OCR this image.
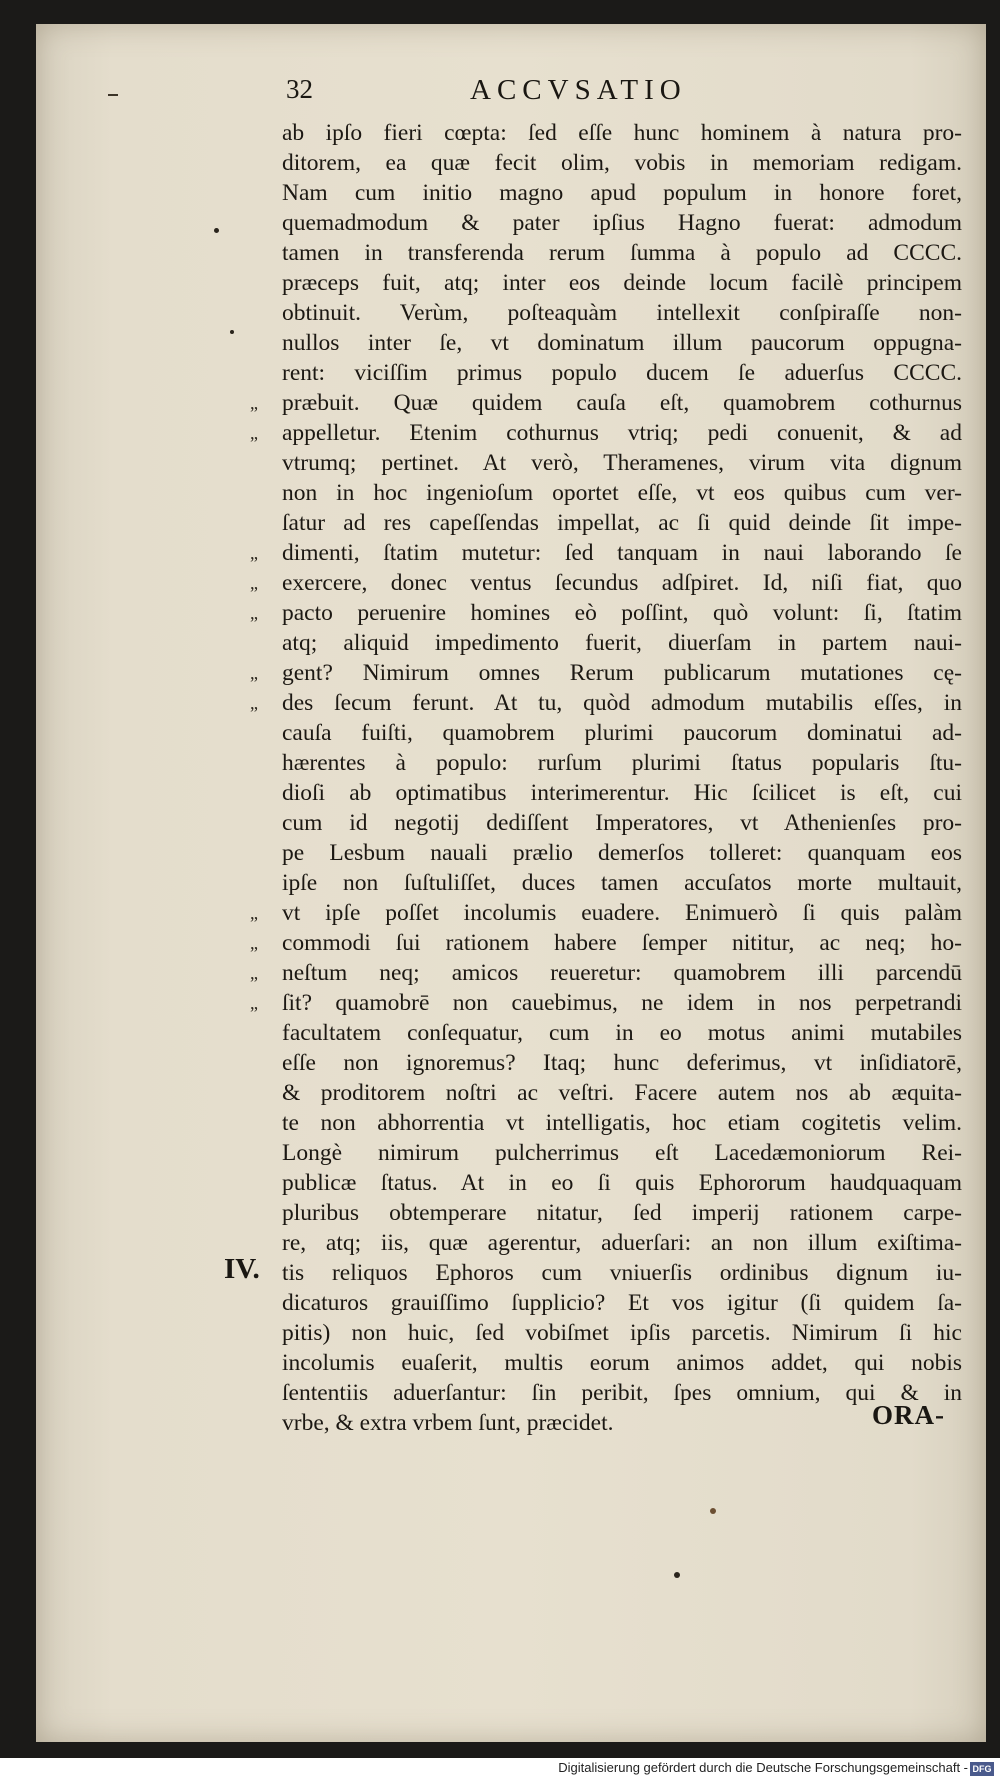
32	ACCVSATIO
ab ipſo fieri cœpta: ſed eſſe hunc hominem à natura pro-
ditorem, ea quæ fecit olim, vobis in memoriam redigam.
Nam cum initio magno apud populum in honore foret,
quemadmodum & pater ipſius Hagno fuerat: admodum
tamen in transferenda rerum ſumma à populo ad CCCC.
præceps fuit, atq; inter eos deinde locum facilè principem
obtinuit. Verùm, poſteaquàm intellexit conſpiraſſe non-
nullos inter ſe, vt dominatum illum paucorum oppugna-
rent: viciſſim primus populo ducem ſe aduerſus CCCC.
præbuit. Quæ quidem cauſa eſt, quamobrem cothurnus
appelletur. Etenim cothurnus vtriq; pedi conuenit, & ad
vtrumq; pertinet. At verò, Theramenes, virum vita dignum
non in hoc ingenioſum oportet eſſe, vt eos quibus cum ver-
ſatur ad res capeſſendas impellat, ac ſi quid deinde ſit impe-
dimenti, ſtatim mutetur: ſed tanquam in naui laborando ſe
exercere, donec ventus ſecundus adſpiret. Id, niſi fiat, quo
pacto peruenire homines eò poſſint, quò volunt: ſi, ſtatim
atq; aliquid impedimento fuerit, diuerſam in partem naui-
gent? Nimirum omnes Rerum publicarum mutationes cę-
des ſecum ferunt. At tu, quòd admodum mutabilis eſſes, in
cauſa fuiſti, quamobrem plurimi paucorum dominatui ad-
hærentes à populo: rurſum plurimi ſtatus popularis ſtu-
dioſi ab optimatibus interimerentur. Hic ſcilicet is eſt, cui
cum id negotij dediſſent Imperatores, vt Athenienſes pro-
pe Lesbum nauali prælio demerſos tolleret: quanquam eos
ipſe non ſuſtuliſſet, duces tamen accuſatos morte multauit,
vt ipſe poſſet incolumis euadere. Enimuerò ſi quis palàm
commodi ſui rationem habere ſemper nititur, ac neq; ho-
neſtum neq; amicos reueretur: quamobrem illi parcendū
ſit? quamobrē non cauebimus, ne idem in nos perpetrandi
facultatem conſequatur, cum in eo motus animi mutabiles
eſſe non ignoremus? Itaq; hunc deferimus, vt inſidiatorē,
& proditorem noſtri ac veſtri. Facere autem nos ab æquita-
te non abhorrentia vt intelligatis, hoc etiam cogitetis velim.
Longè nimirum pulcherrimus eſt Lacedæmoniorum Rei-
publicæ ſtatus. At in eo ſi quis Ephororum haudquaquam
pluribus obtemperare nitatur, ſed imperij rationem carpe-
re, atq; iis, quæ agerentur, aduerſari: an non illum exiſtima-
tis reliquos Ephoros cum vniuerſis ordinibus dignum iu-
dicaturos grauiſſimo ſupplicio? Et vos igitur (ſi quidem ſa-
pitis) non huic, ſed vobiſmet ipſis parcetis. Nimirum ſi hic
incolumis euaſerit, multis eorum animos addet, qui nobis
ſententiis aduerſantur: ſin peribit, ſpes omnium, qui & in
vrbe, & extra vrbem ſunt, præcidet.
„
„
„
„
„
„
„
„
„
„
„
IV.
ORA-
Digitalisierung gefördert durch die Deutsche Forschungsgemeinschaft - DFG
